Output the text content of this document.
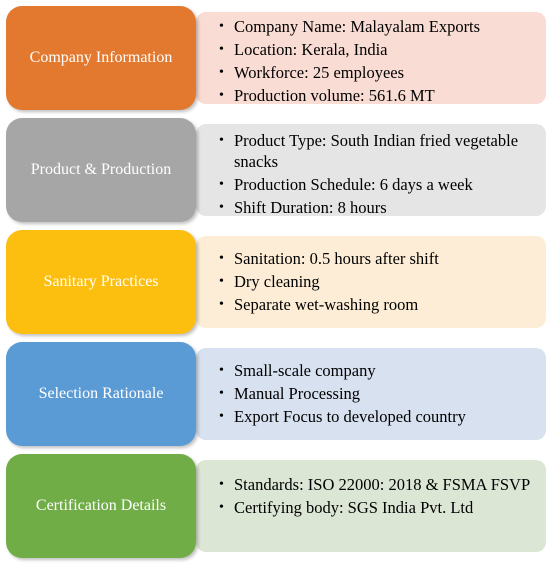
Company Information
• Company Name: Malayalam Exports
• Location: Kerala, India
• Workforce: 25 employees
• Production volume: 561.6 MT
Product & Production
• Product Type: South Indian fried vegetable snacks
• Production Schedule: 6 days a week
• Shift Duration: 8 hours
Sanitary Practices
• Sanitation: 0.5 hours after shift
• Dry cleaning
• Separate wet-washing room
Selection Rationale
• Small-scale company
• Manual Processing
• Export Focus to developed country
Certification Details
• Standards: ISO 22000: 2018 & FSMA FSVP
• Certifying body: SGS India Pvt. Ltd
